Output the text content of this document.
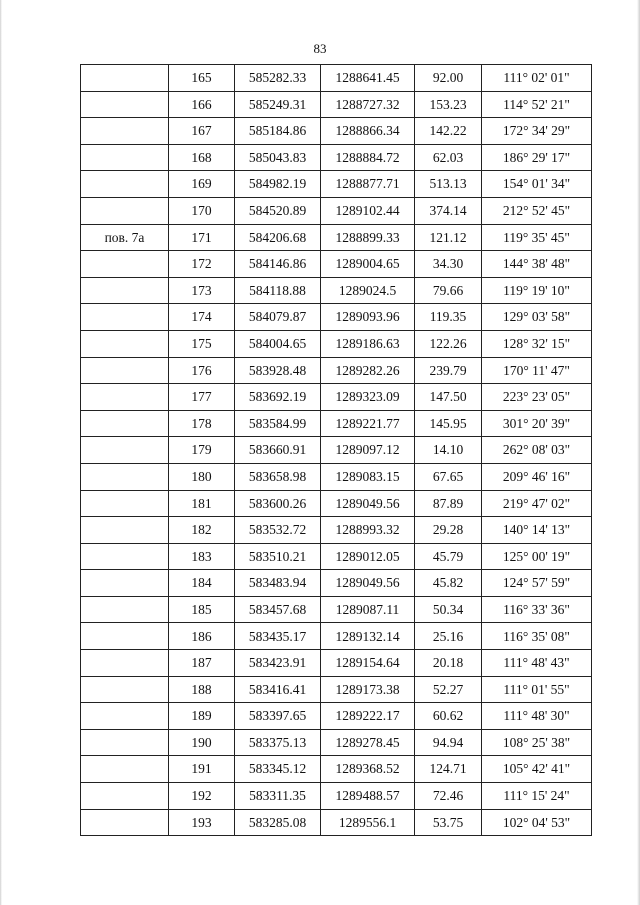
83
	165	585282.33	1288641.45	92.00	111° 02' 01"
	166	585249.31	1288727.32	153.23	114° 52' 21"
	167	585184.86	1288866.34	142.22	172° 34' 29"
	168	585043.83	1288884.72	62.03	186° 29' 17"
	169	584982.19	1288877.71	513.13	154° 01' 34"
	170	584520.89	1289102.44	374.14	212° 52' 45"
пов. 7а	171	584206.68	1288899.33	121.12	119° 35' 45"
	172	584146.86	1289004.65	34.30	144° 38' 48"
	173	584118.88	1289024.5	79.66	119° 19' 10"
	174	584079.87	1289093.96	119.35	129° 03' 58"
	175	584004.65	1289186.63	122.26	128° 32' 15"
	176	583928.48	1289282.26	239.79	170° 11' 47"
	177	583692.19	1289323.09	147.50	223° 23' 05"
	178	583584.99	1289221.77	145.95	301° 20' 39"
	179	583660.91	1289097.12	14.10	262° 08' 03"
	180	583658.98	1289083.15	67.65	209° 46' 16"
	181	583600.26	1289049.56	87.89	219° 47' 02"
	182	583532.72	1288993.32	29.28	140° 14' 13"
	183	583510.21	1289012.05	45.79	125° 00' 19"
	184	583483.94	1289049.56	45.82	124° 57' 59"
	185	583457.68	1289087.11	50.34	116° 33' 36"
	186	583435.17	1289132.14	25.16	116° 35' 08"
	187	583423.91	1289154.64	20.18	111° 48' 43"
	188	583416.41	1289173.38	52.27	111° 01' 55"
	189	583397.65	1289222.17	60.62	111° 48' 30"
	190	583375.13	1289278.45	94.94	108° 25' 38"
	191	583345.12	1289368.52	124.71	105° 42' 41"
	192	583311.35	1289488.57	72.46	111° 15' 24"
	193	583285.08	1289556.1	53.75	102° 04' 53"
